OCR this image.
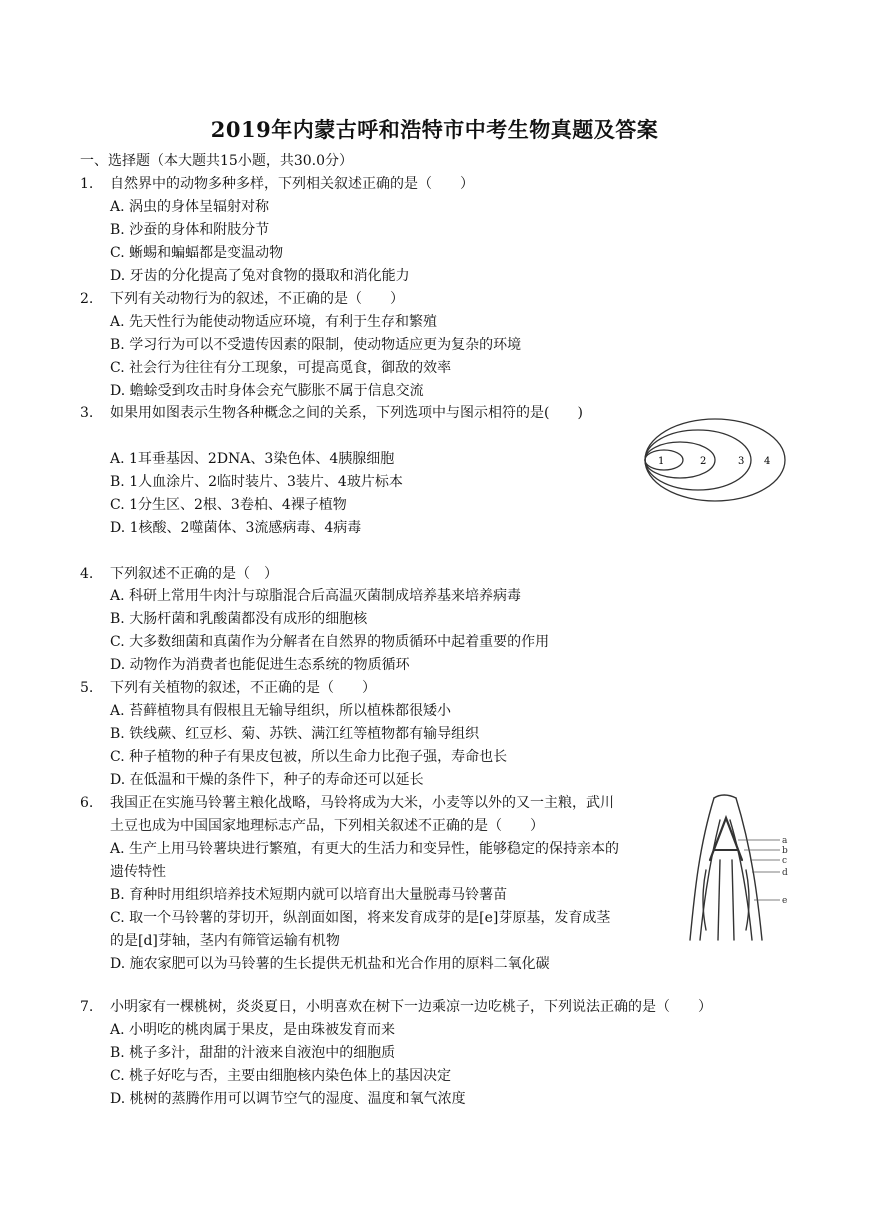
2019年内蒙古呼和浩特市中考生物真题及答案
一、选择题（本大题共15小题，共30.0分）
1. 自然界中的动物多种多样，下列相关叙述正确的是（　　）
A. 涡虫的身体呈辐射对称
B. 沙蚕的身体和附肢分节
C. 蜥蜴和蝙蝠都是变温动物
D. 牙齿的分化提高了兔对食物的摄取和消化能力
2. 下列有关动物行为的叙述，不正确的是（　　）
A. 先天性行为能使动物适应环境，有利于生存和繁殖
B. 学习行为可以不受遗传因素的限制，使动物适应更为复杂的环境
C. 社会行为往往有分工现象，可提高觅食，御敌的效率
D. 蟾蜍受到攻击时身体会充气膨胀不属于信息交流
3. 如果用如图表示生物各种概念之间的关系，下列选项中与图示相符的是(　　)
A. 1耳垂基因、2DNA、3染色体、4胰腺细胞
B. 1人血涂片、2临时装片、3装片、4玻片标本
C. 1分生区、2根、3卷柏、4裸子植物
D. 1核酸、2噬菌体、3流感病毒、4病毒
1	2	3 4
4. 下列叙述不正确的是（　）
A. 科研上常用牛肉汁与琼脂混合后高温灭菌制成培养基来培养病毒
B. 大肠杆菌和乳酸菌都没有成形的细胞核
C. 大多数细菌和真菌作为分解者在自然界的物质循环中起着重要的作用
D. 动物作为消费者也能促进生态系统的物质循环
5. 下列有关植物的叙述，不正确的是（　　）
A. 苔藓植物具有假根且无输导组织，所以植株都很矮小
B. 铁线蕨、红豆杉、菊、苏铁、满江红等植物都有输导组织
C. 种子植物的种子有果皮包被，所以生命力比孢子强，寿命也长
D. 在低温和干燥的条件下，种子的寿命还可以延长
6. 我国正在实施马铃薯主粮化战略，马铃将成为大米，小麦等以外的又一主粮，武川
土豆也成为中国国家地理标志产品，下列相关叙述不正确的是（　　）
A. 生产上用马铃薯块进行繁殖，有更大的生活力和变异性，能够稳定的保持亲本的
遗传特性
B. 育种时用组织培养技术短期内就可以培育出大量脱毒马铃薯苗
C. 取一个马铃薯的芽切开，纵剖面如图，将来发育成芽的是[e]芽原基，发育成茎
的是[d]芽轴，茎内有筛管运输有机物
D. 施农家肥可以为马铃薯的生长提供无机盐和光合作用的原料二氧化碳
a
b
c
d
e
7. 小明家有一棵桃树，炎炎夏日，小明喜欢在树下一边乘凉一边吃桃子，下列说法正确的是（　　）
A. 小明吃的桃肉属于果皮，是由珠被发育而来
B. 桃子多汁，甜甜的汁液来自液泡中的细胞质
C. 桃子好吃与否，主要由细胞核内染色体上的基因决定
D. 桃树的蒸腾作用可以调节空气的湿度、温度和氧气浓度
